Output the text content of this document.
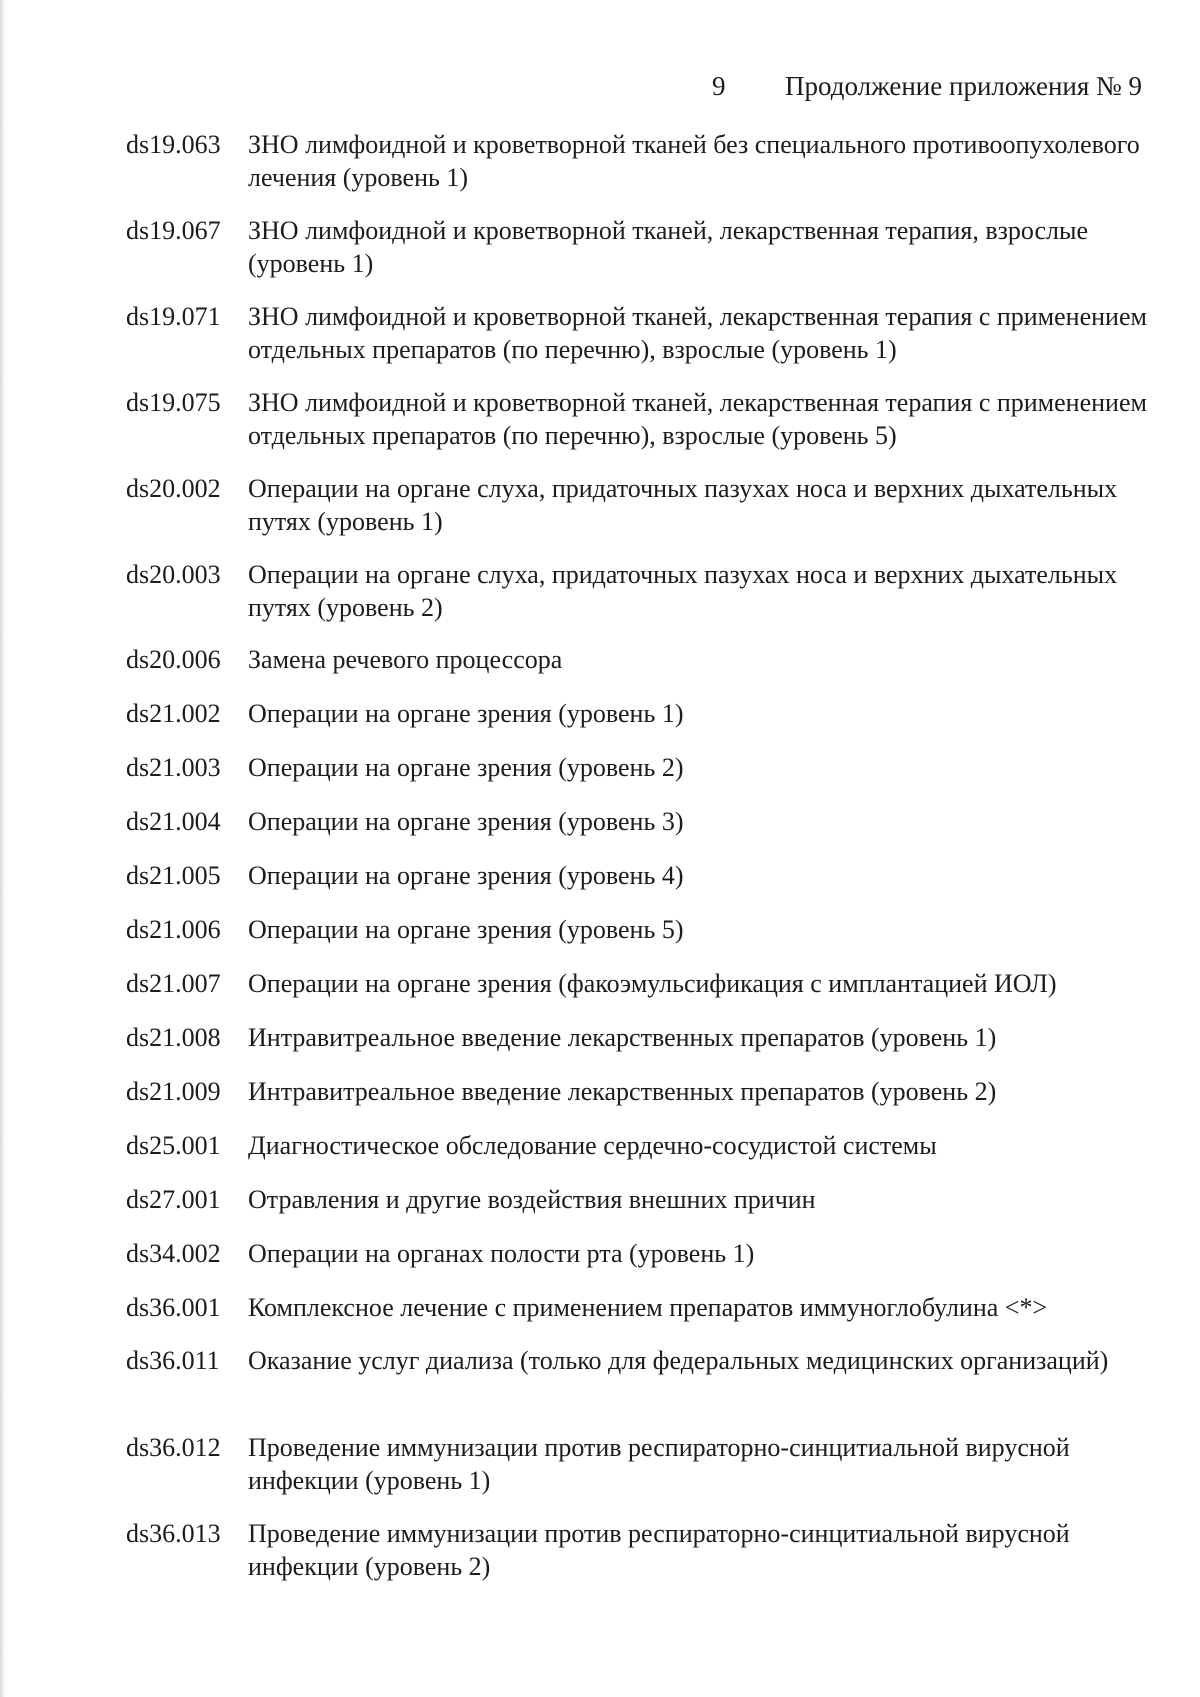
9 Продолжение приложения № 9
ds19.063	ЗНО лимфоидной и кроветворной тканей без специального противоопухолевого лечения (уровень 1)
ds19.067	ЗНО лимфоидной и кроветворной тканей, лекарственная терапия, взрослые (уровень 1)
ds19.071	ЗНО лимфоидной и кроветворной тканей, лекарственная терапия с применением отдельных препаратов (по перечню), взрослые (уровень 1)
ds19.075	ЗНО лимфоидной и кроветворной тканей, лекарственная терапия с применением отдельных препаратов (по перечню), взрослые (уровень 5)
ds20.002	Операции на органе слуха, придаточных пазухах носа и верхних дыхательных путях (уровень 1)
ds20.003	Операции на органе слуха, придаточных пазухах носа и верхних дыхательных путях (уровень 2)
ds20.006	Замена речевого процессора
ds21.002	Операции на органе зрения (уровень 1)
ds21.003	Операции на органе зрения (уровень 2)
ds21.004	Операции на органе зрения (уровень 3)
ds21.005	Операции на органе зрения (уровень 4)
ds21.006	Операции на органе зрения (уровень 5)
ds21.007	Операции на органе зрения (факоэмульсификация с имплантацией ИОЛ)
ds21.008	Интравитреальное введение лекарственных препаратов (уровень 1)
ds21.009	Интравитреальное введение лекарственных препаратов (уровень 2)
ds25.001	Диагностическое обследование сердечно-сосудистой системы
ds27.001	Отравления и другие воздействия внешних причин
ds34.002	Операции на органах полости рта (уровень 1)
ds36.001	Комплексное лечение с применением препаратов иммуноглобулина <*>
ds36.011	Оказание услуг диализа (только для федеральных медицинских организаций)
ds36.012	Проведение иммунизации против респираторно-синцитиальной вирусной инфекции (уровень 1)
ds36.013	Проведение иммунизации против респираторно-синцитиальной вирусной инфекции (уровень 2)
